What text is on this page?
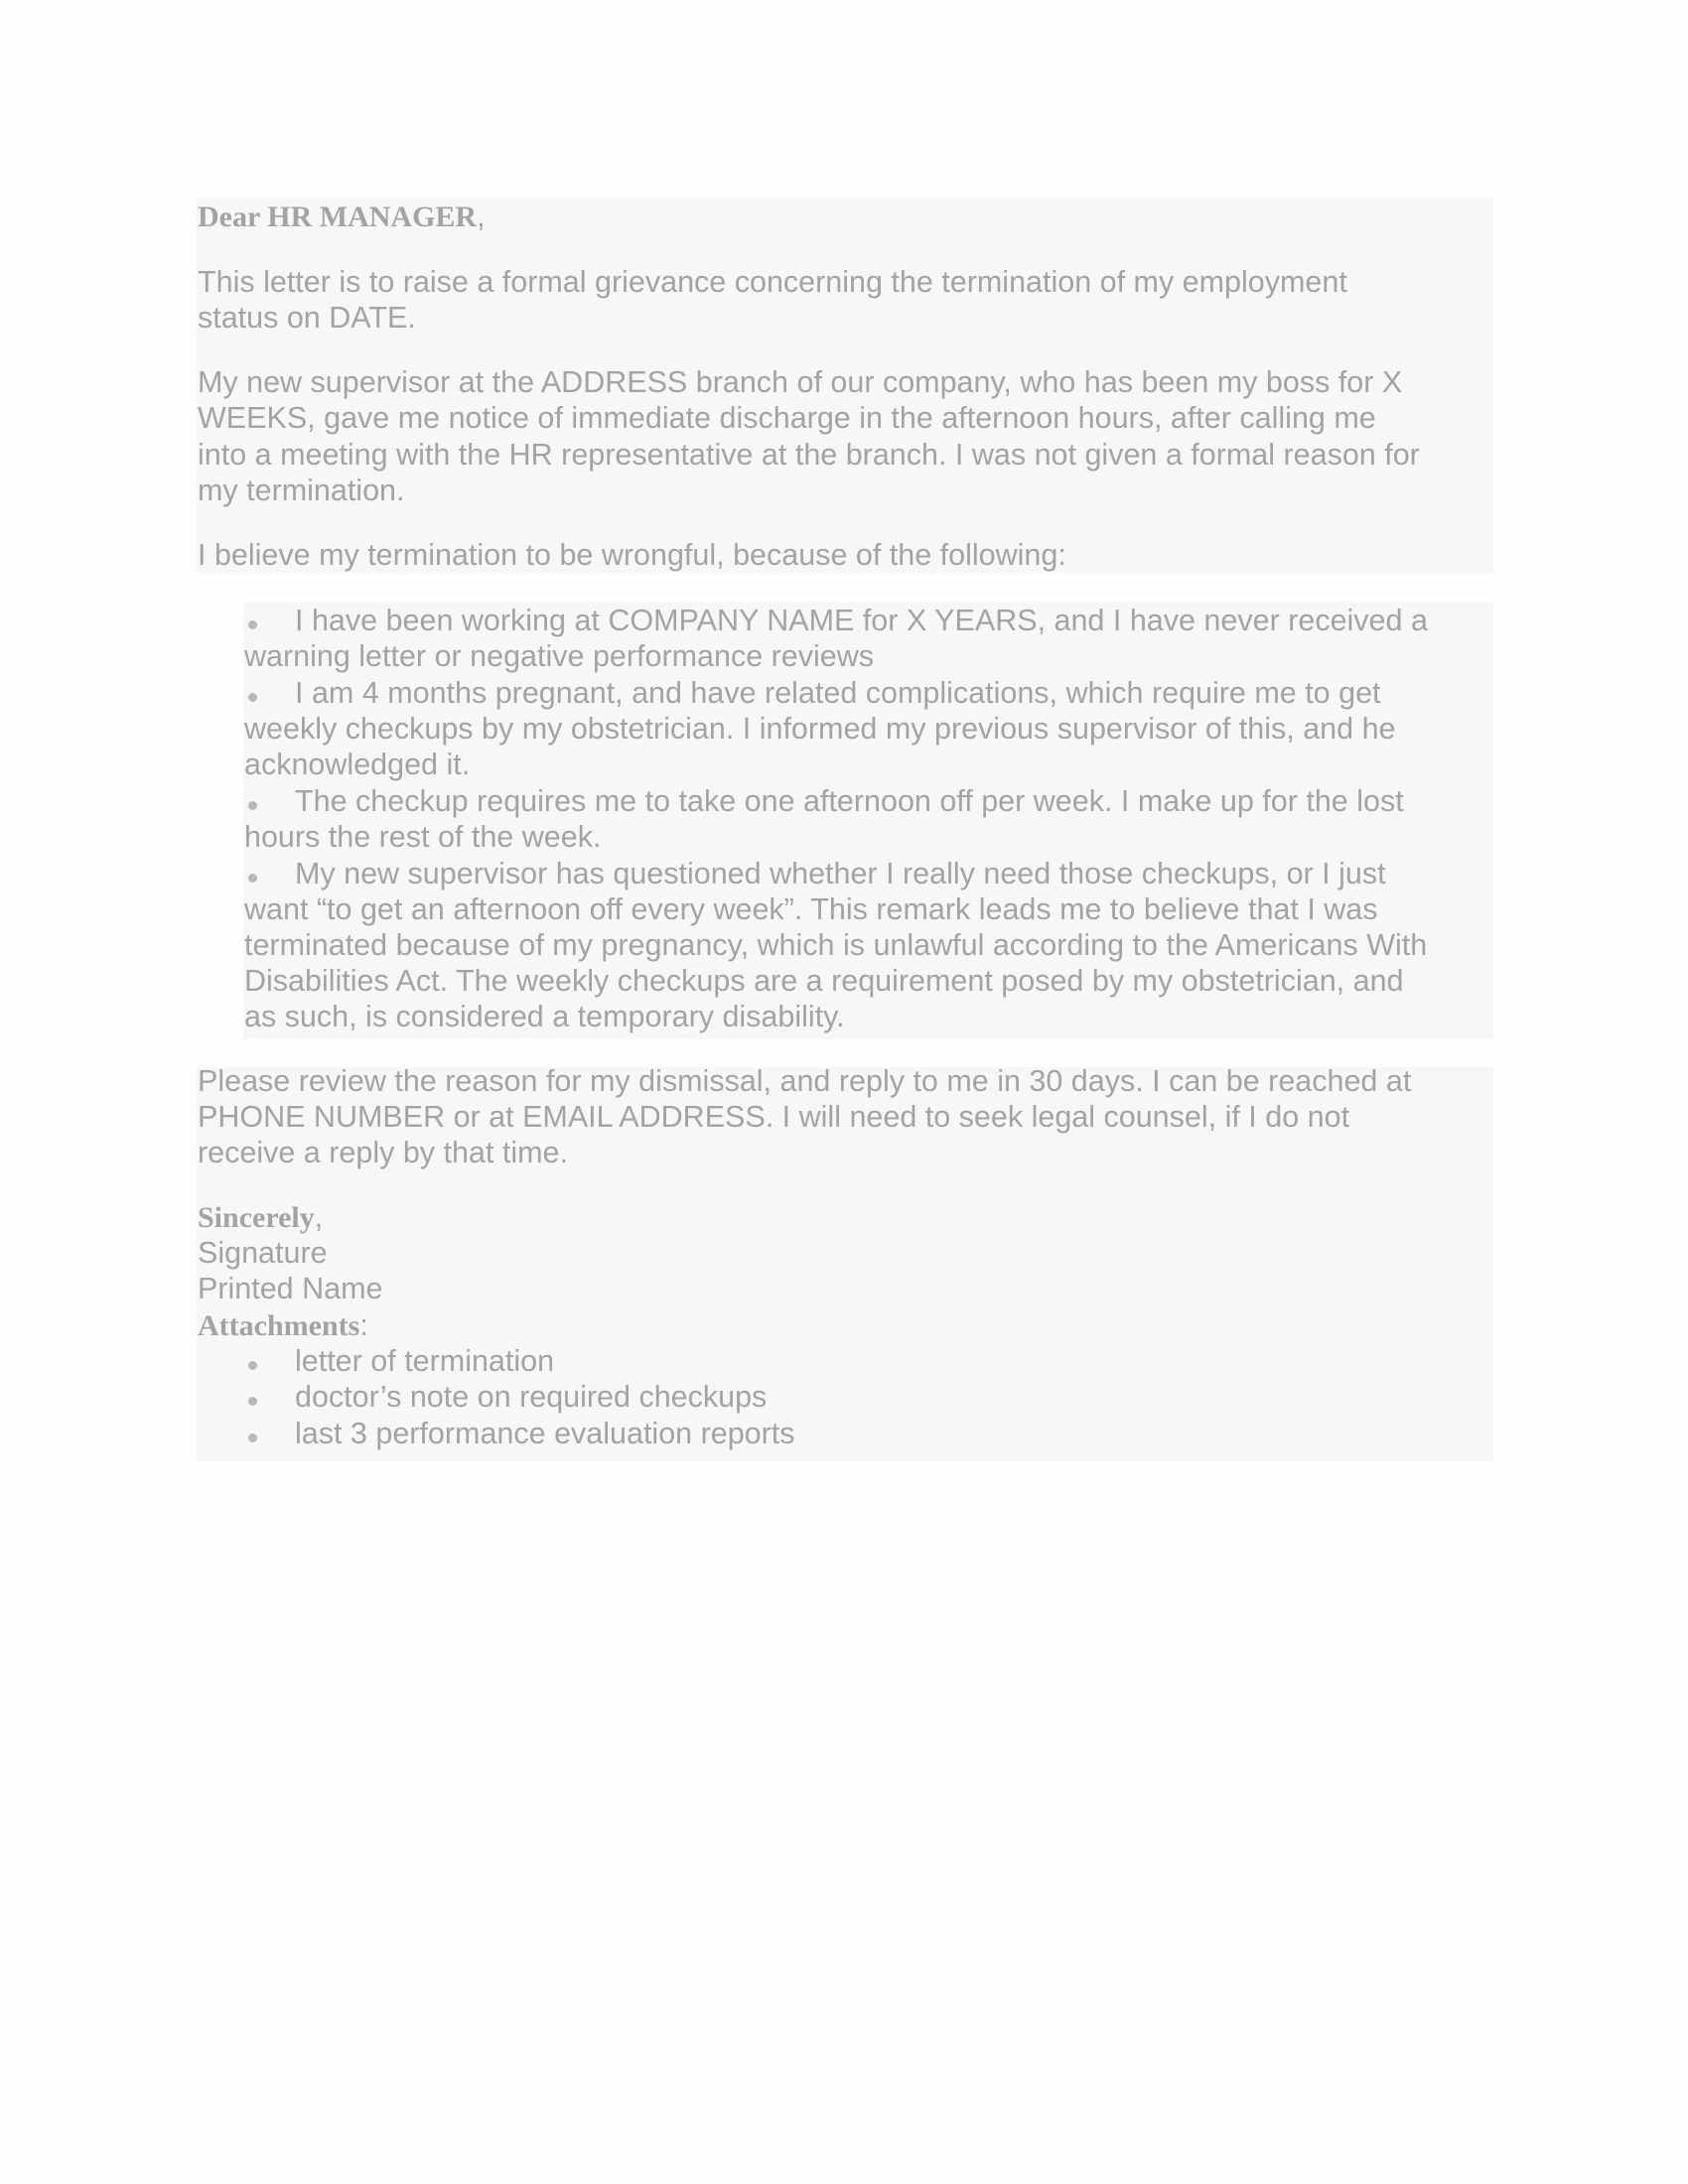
Dear HR MANAGER,
This letter is to raise a formal grievance concerning the termination of my employment
status on DATE.
My new supervisor at the ADDRESS branch of our company, who has been my boss for X
WEEKS, gave me notice of immediate discharge in the afternoon hours, after calling me
into a meeting with the HR representative at the branch. I was not given a formal reason for
my termination.
I believe my termination to be wrongful, because of the following:
I have been working at COMPANY NAME for X YEARS, and I have never received a
warning letter or negative performance reviews
I am 4 months pregnant, and have related complications, which require me to get
weekly checkups by my obstetrician. I informed my previous supervisor of this, and he
acknowledged it.
The checkup requires me to take one afternoon off per week. I make up for the lost
hours the rest of the week.
My new supervisor has questioned whether I really need those checkups, or I just
want “to get an afternoon off every week”. This remark leads me to believe that I was
terminated because of my pregnancy, which is unlawful according to the Americans With
Disabilities Act. The weekly checkups are a requirement posed by my obstetrician, and
as such, is considered a temporary disability.
Please review the reason for my dismissal, and reply to me in 30 days. I can be reached at
PHONE NUMBER or at EMAIL ADDRESS. I will need to seek legal counsel, if I do not
receive a reply by that time.
Sincerely,
Signature
Printed Name
Attachments:
letter of termination
doctor’s note on required checkups
last 3 performance evaluation reports
